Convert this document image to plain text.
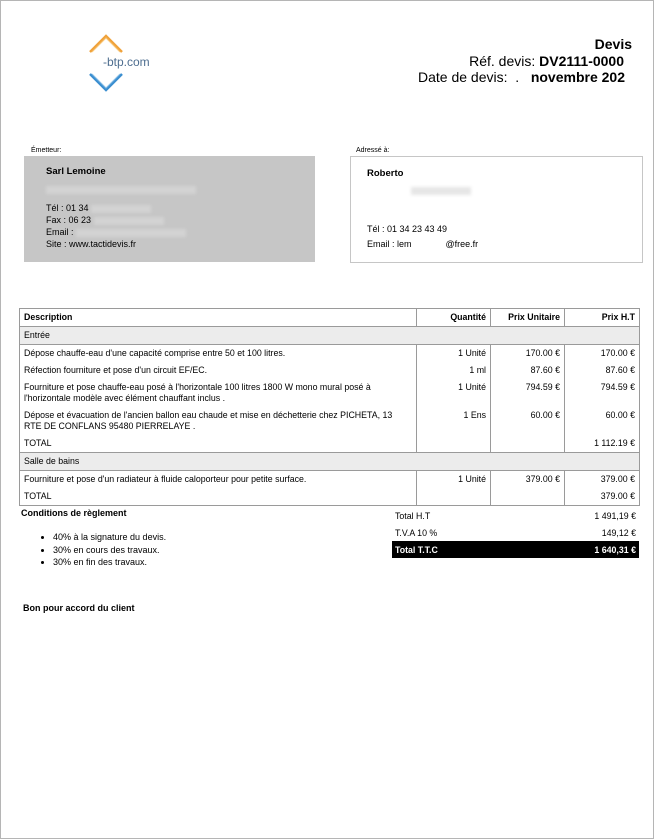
-btp.com
Devis
Réf. devis: DV2111-0000
Date de devis: . novembre 202
Émetteur:
Sarl Lemoine
Tél : 01 34
Fax : 06 23
Email :
Site : www.tactidevis.fr
Adressé à:
Roberto
Tél : 01 34 23 43 49
Email : lem	@free.fr
Description	Quantité	Prix Unitaire	Prix H.T
Entrée			
Dépose chauffe-eau d'une capacité comprise entre 50 et 100 litres.	1 Unité	170.00 €	170.00 €
Réfection fourniture et pose d'un circuit EF/EC.	1 ml	87.60 €	87.60 €
Fourniture et pose chauffe-eau posé à l'horizontale 100 litres 1800 W mono mural posé à l'horizontale modèle avec élément chauffant inclus .	1 Unité	794.59 €	794.59 €
Dépose et évacuation de l'ancien ballon eau chaude et mise en déchetterie chez PICHETA, 13 RTE DE CONFLANS 95480 PIERRELAYE .	1 Ens	60.00 €	60.00 €
TOTAL			1 112.19 €
Salle de bains			
Fourniture et pose d'un radiateur à fluide caloporteur pour petite surface.	1 Unité	379.00 €	379.00 €
TOTAL			379.00 €
Conditions de règlement
• 40% à la signature du devis.
• 30% en cours des travaux.
• 30% en fin des travaux.
Total H.T	1 491,19 €
T.V.A 10 %	149,12 €
Total T.T.C	1 640,31 €
Bon pour accord du client
